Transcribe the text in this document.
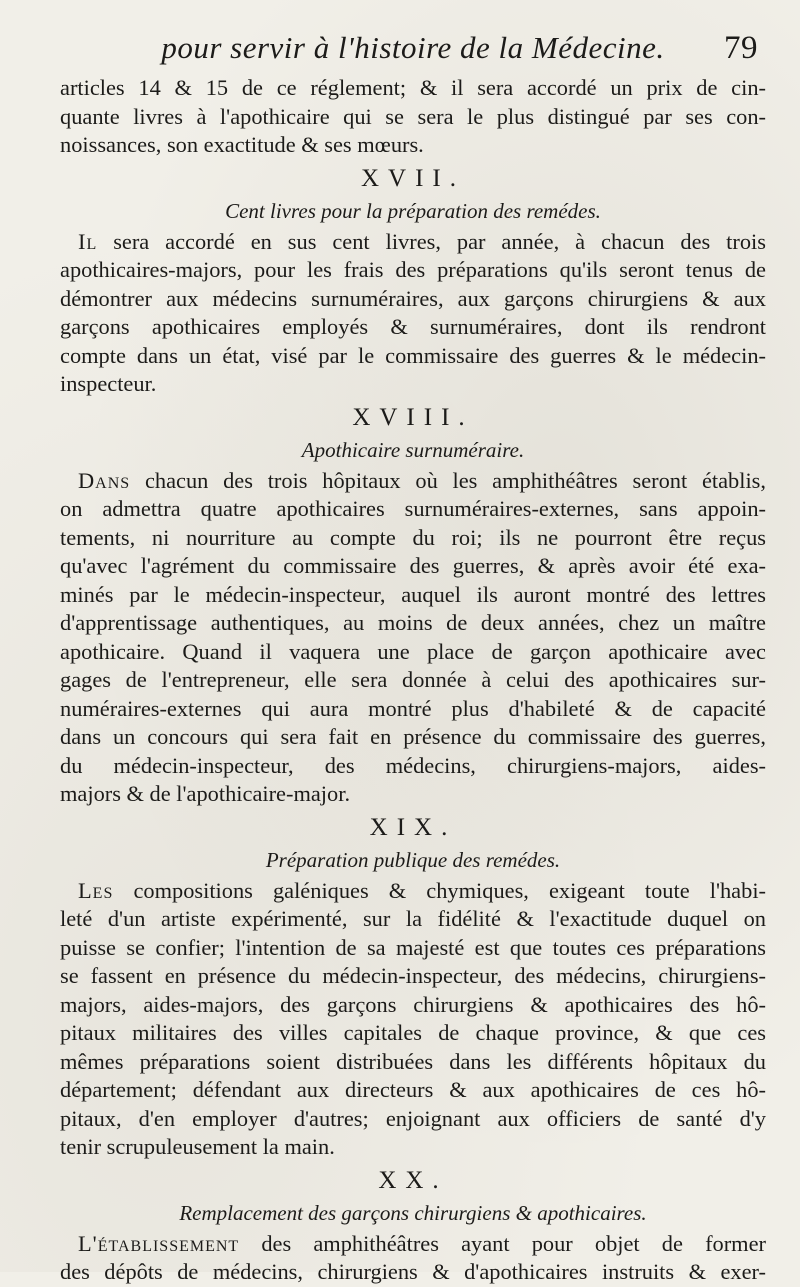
pour servir à l'histoire de la Médecine. 79

articles 14 & 15 de ce réglement; & il sera accordé un prix de cin-
quante livres à l'apothicaire qui se sera le plus distingué par ses con-
noissances, son exactitude & ses mœurs.

XVII.
Cent livres pour la préparation des remédes.

Il sera accordé en sus cent livres, par année, à chacun des trois
apothicaires-majors, pour les frais des préparations qu'ils seront tenus de
démontrer aux médecins surnuméraires, aux garçons chirurgiens & aux
garçons apothicaires employés & surnuméraires, dont ils rendront
compte dans un état, visé par le commissaire des guerres & le médecin-
inspecteur.

XVIII.
Apothicaire surnuméraire.

Dans chacun des trois hôpitaux où les amphithéâtres seront établis,
on admettra quatre apothicaires surnuméraires-externes, sans appoin-
tements, ni nourriture au compte du roi; ils ne pourront être reçus
qu'avec l'agrément du commissaire des guerres, & après avoir été exa-
minés par le médecin-inspecteur, auquel ils auront montré des lettres
d'apprentissage authentiques, au moins de deux années, chez un maître
apothicaire. Quand il vaquera une place de garçon apothicaire avec
gages de l'entrepreneur, elle sera donnée à celui des apothicaires sur-
numéraires-externes qui aura montré plus d'habileté & de capacité
dans un concours qui sera fait en présence du commissaire des guerres,
du médecin-inspecteur, des médecins, chirurgiens-majors, aides-
majors & de l'apothicaire-major.

XIX.
Préparation publique des remédes.

Les compositions galéniques & chymiques, exigeant toute l'habi-
leté d'un artiste expérimenté, sur la fidélité & l'exactitude duquel on
puisse se confier; l'intention de sa majesté est que toutes ces préparations
se fassent en présence du médecin-inspecteur, des médecins, chirurgiens-
majors, aides-majors, des garçons chirurgiens & apothicaires des hô-
pitaux militaires des villes capitales de chaque province, & que ces
mêmes préparations soient distribuées dans les différents hôpitaux du
département; défendant aux directeurs & aux apothicaires de ces hô-
pitaux, d'en employer d'autres; enjoignant aux officiers de santé d'y
tenir scrupuleusement la main.

XX.
Remplacement des garçons chirurgiens & apothicaires.

L'établissement des amphithéâtres ayant pour objet de former
des dépôts de médecins, chirurgiens & d'apothicaires instruits & exer-
